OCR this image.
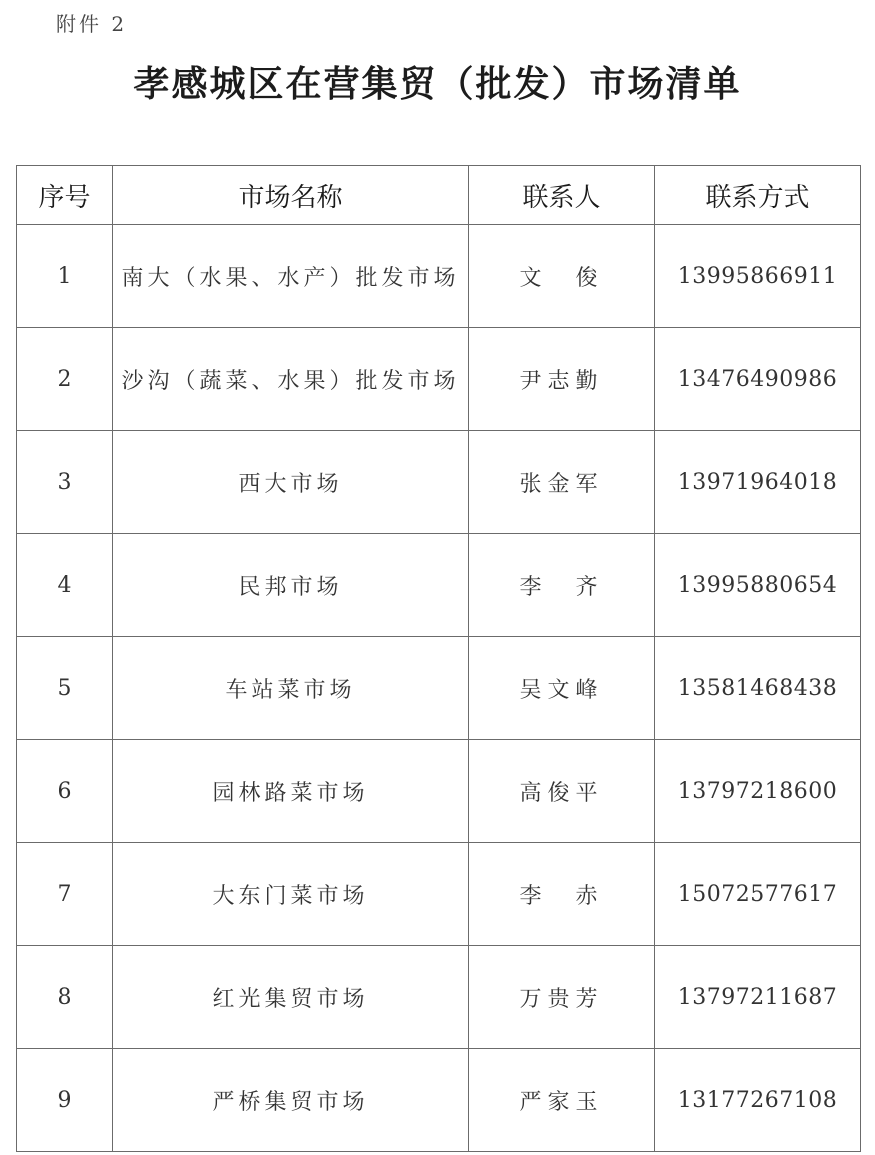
附件 2
孝感城区在营集贸（批发）市场清单
序号	市场名称	联系人	联系方式
1	南大（水果、水产）批发市场	文　俊	13995866911
2	沙沟（蔬菜、水果）批发市场	尹志勤	13476490986
3	西大市场	张金军	13971964018
4	民邦市场	李　齐	13995880654
5	车站菜市场	吴文峰	13581468438
6	园林路菜市场	高俊平	13797218600
7	大东门菜市场	李　赤	15072577617
8	红光集贸市场	万贵芳	13797211687
9	严桥集贸市场	严家玉	13177267108
